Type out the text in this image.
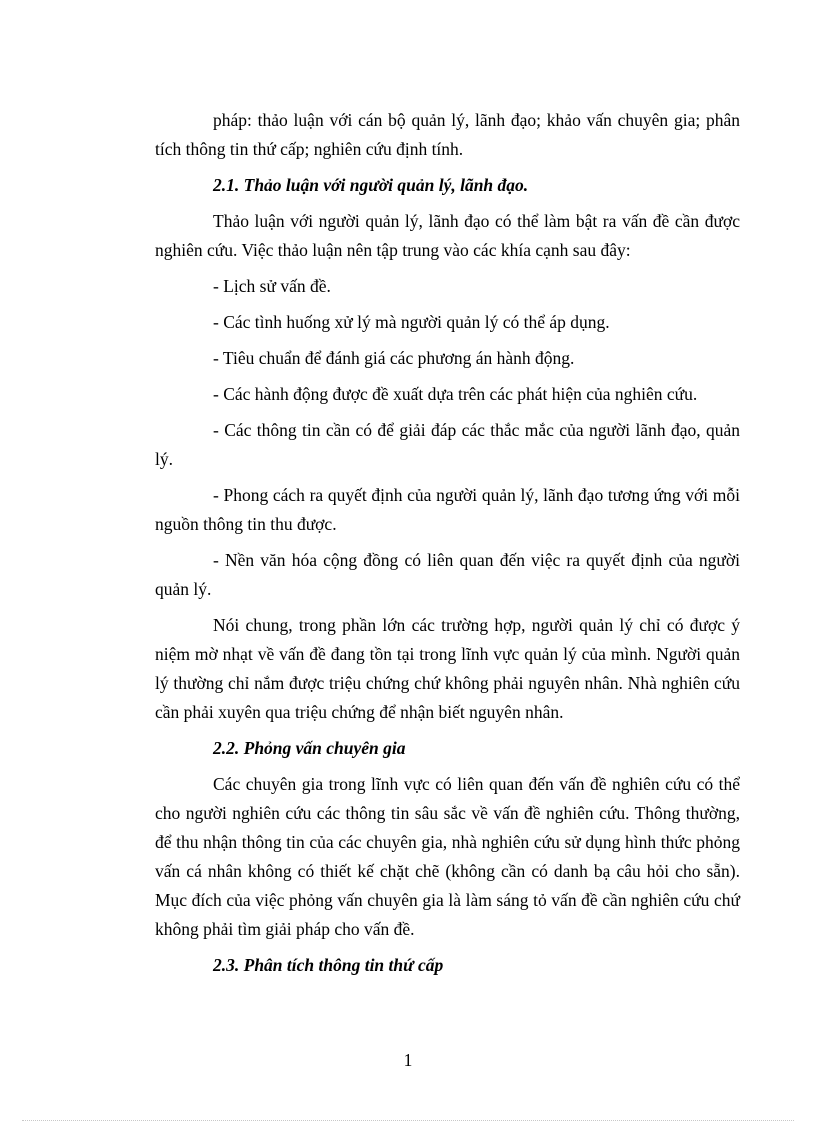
pháp: thảo luận với cán bộ quản lý, lãnh đạo; khảo vấn chuyên gia; phân tích thông tin thứ cấp; nghiên cứu định tính.

2.1. Thảo luận với người quản lý, lãnh đạo.

Thảo luận với người quản lý, lãnh đạo có thể làm bật ra vấn đề cần được nghiên cứu. Việc thảo luận nên tập trung vào các khía cạnh sau đây:

- Lịch sử vấn đề.

- Các tình huống xử lý mà người quản lý có thể áp dụng.

- Tiêu chuẩn để đánh giá các phương án hành động.

- Các hành động được đề xuất dựa trên các phát hiện của nghiên cứu.

- Các thông tin cần có để giải đáp các thắc mắc của người lãnh đạo, quản lý.

- Phong cách ra quyết định của người quản lý, lãnh đạo tương ứng với mỗi nguồn thông tin thu được.

- Nền văn hóa cộng đồng có liên quan đến việc ra quyết định của người quản lý.

Nói chung, trong phần lớn các trường hợp, người quản lý chỉ có được ý niệm mờ nhạt về vấn đề đang tồn tại trong lĩnh vực quản lý của mình. Người quản lý thường chỉ nắm được triệu chứng chứ không phải nguyên nhân. Nhà nghiên cứu cần phải xuyên qua triệu chứng để nhận biết nguyên nhân.

2.2. Phỏng vấn chuyên gia

Các chuyên gia trong lĩnh vực có liên quan đến vấn đề nghiên cứu có thể cho người nghiên cứu các thông tin sâu sắc về vấn đề nghiên cứu. Thông thường, để thu nhận thông tin của các chuyên gia, nhà nghiên cứu sử dụng hình thức phỏng vấn cá nhân không có thiết kế chặt chẽ (không cần có danh bạ câu hỏi cho sẵn). Mục đích của việc phỏng vấn chuyên gia là làm sáng tỏ vấn đề cần nghiên cứu chứ không phải tìm giải pháp cho vấn đề.

2.3. Phân tích thông tin thứ cấp

1
